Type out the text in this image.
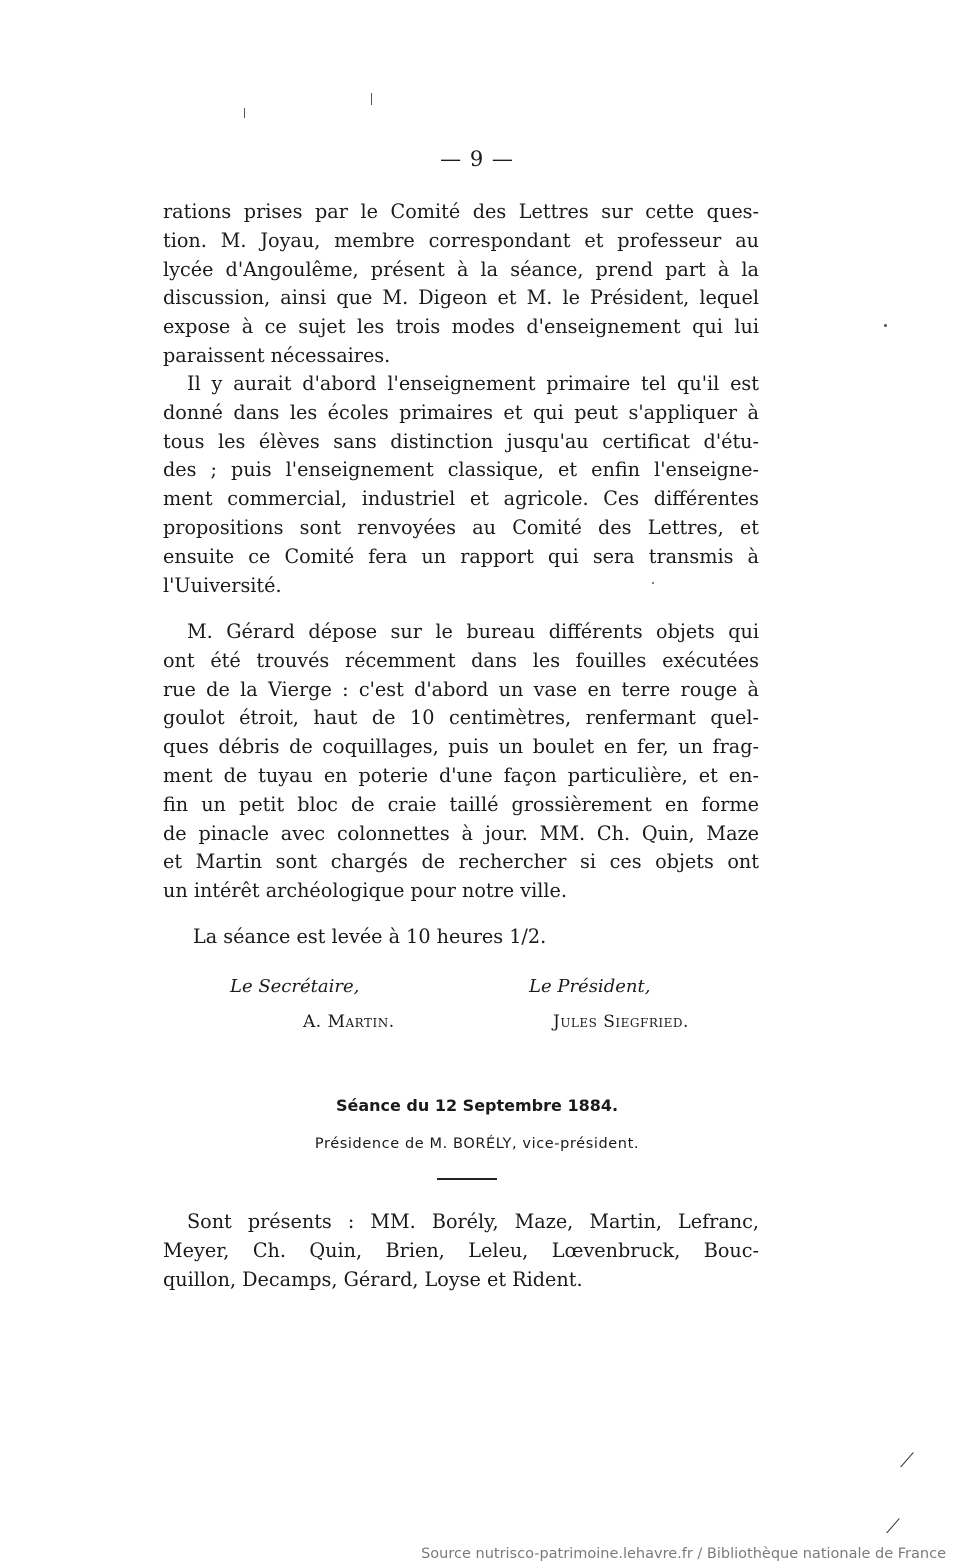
— 9 —
rations prises par le Comité des Lettres sur cette ques-
tion. M. Joyau, membre correspondant et professeur au
lycée d'Angoulême, présent à la séance, prend part à la
discussion, ainsi que M. Digeon et M. le Président, lequel
expose à ce sujet les trois modes d'enseignement qui lui
paraissent nécessaires.
Il y aurait d'abord l'enseignement primaire tel qu'il est
donné dans les écoles primaires et qui peut s'appliquer à
tous les élèves sans distinction jusqu'au certificat d'étu-
des ; puis l'enseignement classique, et enfin l'enseigne-
ment commercial, industriel et agricole. Ces différentes
propositions sont renvoyées au Comité des Lettres, et
ensuite ce Comité fera un rapport qui sera transmis à
l'Uuiversité.
M. Gérard dépose sur le bureau différents objets qui
ont été trouvés récemment dans les fouilles exécutées
rue de la Vierge : c'est d'abord un vase en terre rouge à
goulot étroit, haut de 10 centimètres, renfermant quel-
ques débris de coquillages, puis un boulet en fer, un frag-
ment de tuyau en poterie d'une façon particulière, et en-
fin un petit bloc de craie taillé grossièrement en forme
de pinacle avec colonnettes à jour. MM. Ch. Quin, Maze
et Martin sont chargés de rechercher si ces objets ont
un intérêt archéologique pour notre ville.
La séance est levée à 10 heures 1/2.
Le Secrétaire,	Le Président,
A. Martin.	Jules Siegfried.
Séance du 12 Septembre 1884.
Présidence de M. BORÉLY, vice-président.
Sont présents : MM. Borély, Maze, Martin, Lefranc,
Meyer, Ch. Quin, Brien, Leleu, Lœvenbruck, Bouc-
quillon, Decamps, Gérard, Loyse et Rident.
⟋
⟋
Source nutrisco-patrimoine.lehavre.fr / Bibliothèque nationale de France
